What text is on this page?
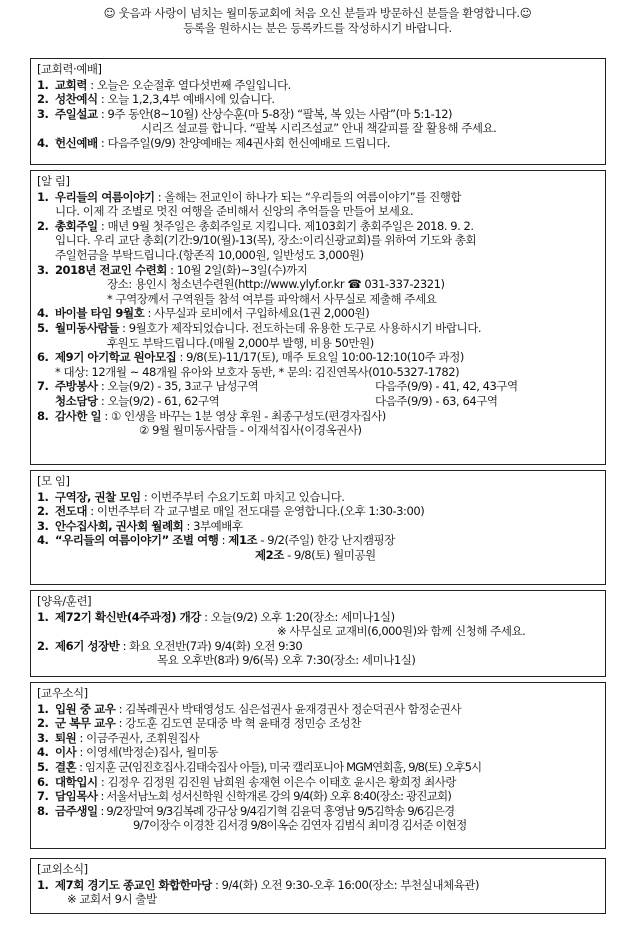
☺ 웃음과 사랑이 넘치는 월미동교회에 처음 오신 분들과 방문하신 분들을 환영합니다.☺
등록을 원하시는 분은 등록카드를 작성하시기 바랍니다.
[교회력·예배]
1. 교회력 : 오늘은 오순절후 열다섯번째 주일입니다.
2. 성찬예식 : 오늘 1,2,3,4부 예배시에 있습니다.
3. 주일설교 : 9주 동안(8~10월) 산상수훈(마 5-8장) “팔복, 복 있는 사람”(마 5:1-12)
시리즈 설교를 합니다. “팔복 시리즈설교” 안내 책갈피를 잘 활용해 주세요.
4. 헌신예배 : 다음주일(9/9) 찬양예배는 제4권사회 헌신예배로 드립니다.
[알 림]
1. 우리들의 여름이야기 : 올해는 전교인이 하나가 되는 “우리들의 여름이야기”를 진행합
니다. 이제 각 조별로 멋진 여행을 준비해서 신앙의 추억들을 만들어 보세요.
2. 총회주일 : 매년 9월 첫주일은 총회주일로 지킵니다. 제103회기 총회주일은 2018. 9. 2.
입니다. 우리 교단 총회(기간:9/10(월)-13(목), 장소:이리신광교회)를 위하여 기도와 총회
주일헌금을 부탁드립니다.(항존직 10,000원, 일반성도 3,000원)
3. 2018년 전교인 수련회 : 10월 2일(화)~3일(수)까지
장소: 용인시 청소년수련원(http://www.ylyf.or.kr ☎ 031-337-2321)
* 구역장께서 구역원들 참석 여부를 파악해서 사무실로 제출해 주세요
4. 바이블 타임 9월호 : 사무실과 로비에서 구입하세요(1권 2,000원)
5. 월미동사람들 : 9월호가 제작되었습니다. 전도하는데 유용한 도구로 사용하시기 바랍니다.
후원도 부탁드립니다.(매월 2,000부 발행, 비용 50만원)
6. 제9기 아기학교 원아모집 : 9/8(토)-11/17(토), 매주 토요일 10:00-12:10(10주 과정)
* 대상: 12개월 ~ 48개월 유아와 보호자 동반, * 문의: 김진연목사(010-5327-1782)
7. 주방봉사 : 오늘(9/2) - 35, 3교구 남성구역	다음주(9/9) - 41, 42, 43구역
청소담당 : 오늘(9/2) - 61, 62구역	다음주(9/9) - 63, 64구역
8. 감사한 일 : ① 인생을 바꾸는 1분 영상 후원 - 최종구성도(편경자집사)
② 9월 월미동사람들 - 이재석집사(이경옥권사)
[모 임]
1. 구역장, 권찰 모임 : 이번주부터 수요기도회 마치고 있습니다.
2. 전도대 : 이번주부터 각 교구별로 매일 전도대를 운영합니다.(오후 1:30-3:00)
3. 안수집사회, 권사회 월례회 : 3부예배후
4. “우리들의 여름이야기” 조별 여행 : 제1조 - 9/2(주일) 한강 난지캠핑장
제2조 - 9/8(토) 월미공원
[양육/훈련]
1. 제72기 확신반(4주과정) 개강 : 오늘(9/2) 오후 1:20(장소: 세미나1실)
※ 사무실로 교재비(6,000원)와 함께 신청해 주세요.
2. 제6기 성장반 : 화요 오전반(7과) 9/4(화) 오전 9:30
목요 오후반(8과) 9/6(목) 오후 7:30(장소: 세미나1실)
[교우소식]
1. 입원 중 교우 : 김복례권사 박태영성도 심은섭권사 윤재경권사 정순덕권사 함정순권사
2. 군 복무 교우 : 강도훈 김도연 문대중 박 혁 윤태경 정민승 조성찬
3. 퇴원 : 이금주권사, 조휘원집사
4. 이사 : 이영세(박정순)집사, 월미동
5. 결혼 : 임지훈 군(임진호집사.김태숙집사 아들), 미국 캘리포니아 MGM연회홀, 9/8(토) 오후5시
6. 대학입시 : 김정우 김정원 김진원 남희원 송재현 이은수 이태호 윤시은 황희정 최사랑
7. 담임목사 : 서울서남노회 성서신학원 신학개론 강의 9/4(화) 오후 8:40(장소: 광진교회)
8. 금주생일 : 9/2장말여 9/3김복례 강규상 9/4김기혁 김윤덕 홍영남 9/5김학송 9/6김은경
9/7이장수 이경찬 김서경 9/8이옥순 김연자 김범식 최미경 김서준 이현정
[교외소식]
1. 제7회 경기도 종교인 화합한마당 : 9/4(화) 오전 9:30-오후 16:00(장소: 부천실내체육관)
※ 교회서 9시 출발
